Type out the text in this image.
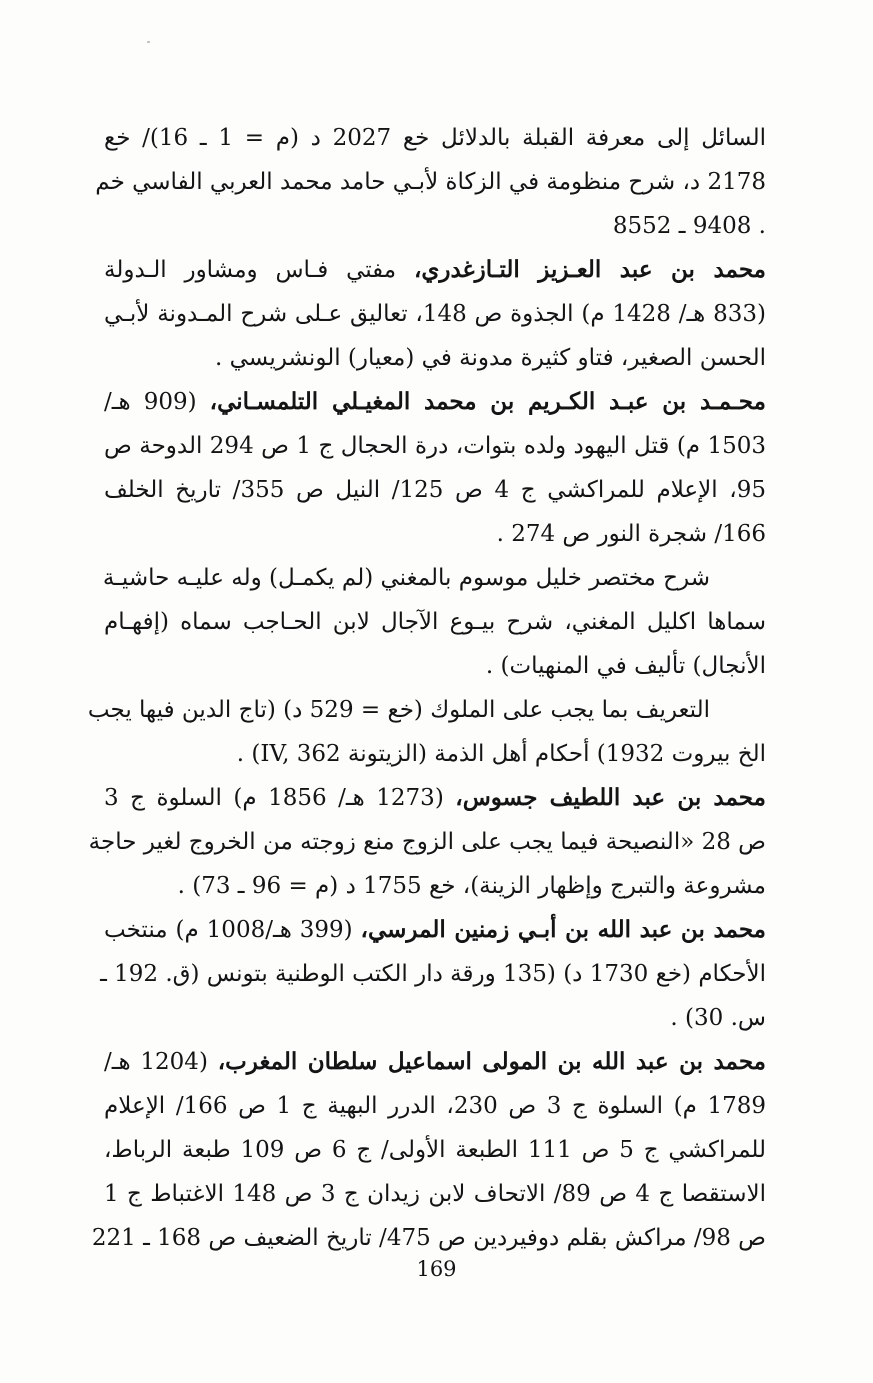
السائل إلى معرفة القبلة بالدلائل خع 2027 د (م = 1 ـ 16)/ خع
2178 د، شرح منظومة في الزكاة لأبـي حامد محمد العربي الفاسي خم
. 9408 ـ 8552
محمد بن عبد العـزيز التـازغدري، مفتي فـاس ومشاور الـدولة
(833 هـ/ 1428 م) الجذوة ص 148، تعاليق عـلى شرح المـدونة لأبـي
الحسن الصغير، فتاو كثيرة مدونة في (معيار) الونشريسي .
محـمـد بن عبـد الكـريم بن محمد المغيـلي التلمسـاني، (909 هـ/
1503 م) قتل اليهود ولده بتوات، درة الحجال ج 1 ص 294 الدوحة ص
95، الإعلام للمراكشي ج 4 ص 125/ النيل ص 355/ تاريخ الخلف
166/ شجرة النور ص 274 .
شرح مختصر خليل موسوم بالمغني (لم يكمـل) وله عليـه حاشيـة
سماها اكليل المغني، شرح بيـوع الآجال لابن الحـاجب سماه (إفهـام
الأنجال) تأليف في المنهيات) .
التعريف بما يجب على الملوك (خع = 529 د) (تاج الدين فيها يجب
الخ بيروت 1932) أحكام أهل الذمة (الزيتونة IV, 362) .
محمد بن عبد اللطيف جسوس، (1273 هـ/ 1856 م) السلوة ج 3
ص 28 «النصيحة فيما يجب على الزوج منع زوجته من الخروج لغير حاجة
مشروعة والتبرج وإظهار الزينة)، خع 1755 د (م = 96 ـ 73) .
محمد بن عبد الله بن أبـي زمنين المرسي، (399 هـ/1008 م) منتخب
الأحكام (خع 1730 د) (135 ورقة دار الكتب الوطنية بتونس (ق. 192 ـ
س. 30) .
محمد بن عبد الله بن المولى اسماعيل سلطان المغرب، (1204 هـ/
1789 م) السلوة ج 3 ص 230، الدرر البهية ج 1 ص 166/ الإعلام
للمراكشي ج 5 ص 111 الطبعة الأولى/ ج 6 ص 109 طبعة الرباط،
الاستقصا ج 4 ص 89/ الاتحاف لابن زيدان ج 3 ص 148 الاغتباط ج 1
ص 98/ مراكش بقلم دوفيردين ص 475/ تاريخ الضعيف ص 168 ـ 221
169
